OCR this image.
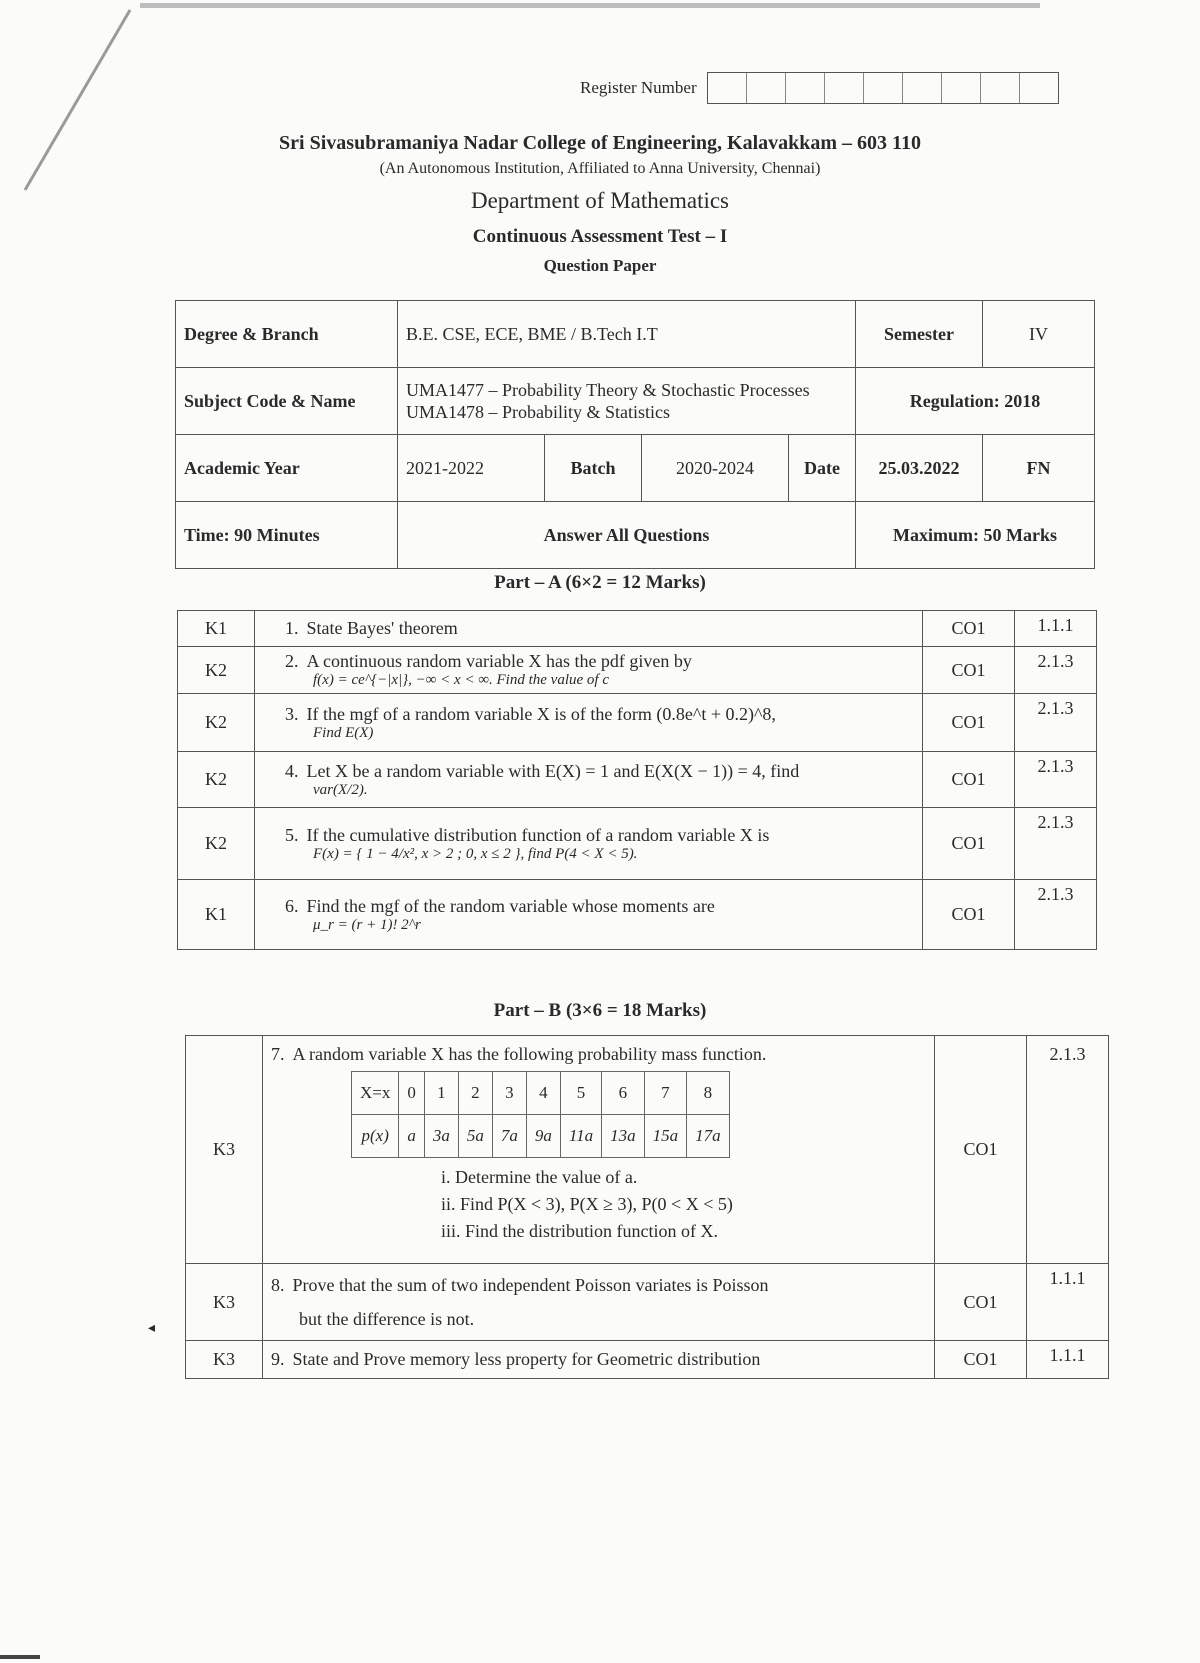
Register Number
Sri Sivasubramaniya Nadar College of Engineering, Kalavakkam – 603 110
(An Autonomous Institution, Affiliated to Anna University, Chennai)
Department of Mathematics
Continuous Assessment Test – I
Question Paper
Degree & Branch	B.E. CSE, ECE, BME / B.Tech I.T				Semester	IV
Subject Code & Name	UMA1477 – Probability Theory & Stochastic Processes
UMA1478 – Probability & Statistics				Regulation: 2018	
Academic Year	2021-2022	Batch	2020-2024	Date	25.03.2022	FN
Time: 90 Minutes	Answer All Questions				Maximum: 50 Marks	
Part – A (6×2 = 12 Marks)
K1	1. State Bayes' theorem	CO1	1.1.1
K2	2. A continuous random variable X has the pdf given by
f(x) = ce^{−|x|}, −∞ < x < ∞. Find the value of c	CO1	2.1.3
K2	3. If the mgf of a random variable X is of the form (0.8e^t + 0.2)^8,
Find E(X)	CO1	2.1.3
K2	4. Let X be a random variable with E(X) = 1 and E(X(X − 1)) = 4, find
var(X/2).	CO1	2.1.3
K2	5. If the cumulative distribution function of a random variable X is
F(x) = { 1 − 4/x², x > 2 ; 0, x ≤ 2 }, find P(4 < X < 5).	CO1	2.1.3
K1	6. Find the mgf of the random variable whose moments are
μ_r = (r + 1)! 2^r	CO1	2.1.3
Part – B (3×6 = 18 Marks)
K3	
7. A random variable X has the following probability mass function.
X=x	0	1	2	3	4	5	6	7	8
p(x)	a	3a	5a	7a	9a	11a	13a	15a	17a
i. Determine the value of a.
ii. Find P(X < 3), P(X ≥ 3), P(0 < X < 5)
iii. Find the distribution function of X.
	CO1	2.1.3
K3	
8. Prove that the sum of two independent Poisson variates is Poisson
but the difference is not.
	CO1	1.1.1
K3	9. State and Prove memory less property for Geometric distribution	CO1	1.1.1
◂
